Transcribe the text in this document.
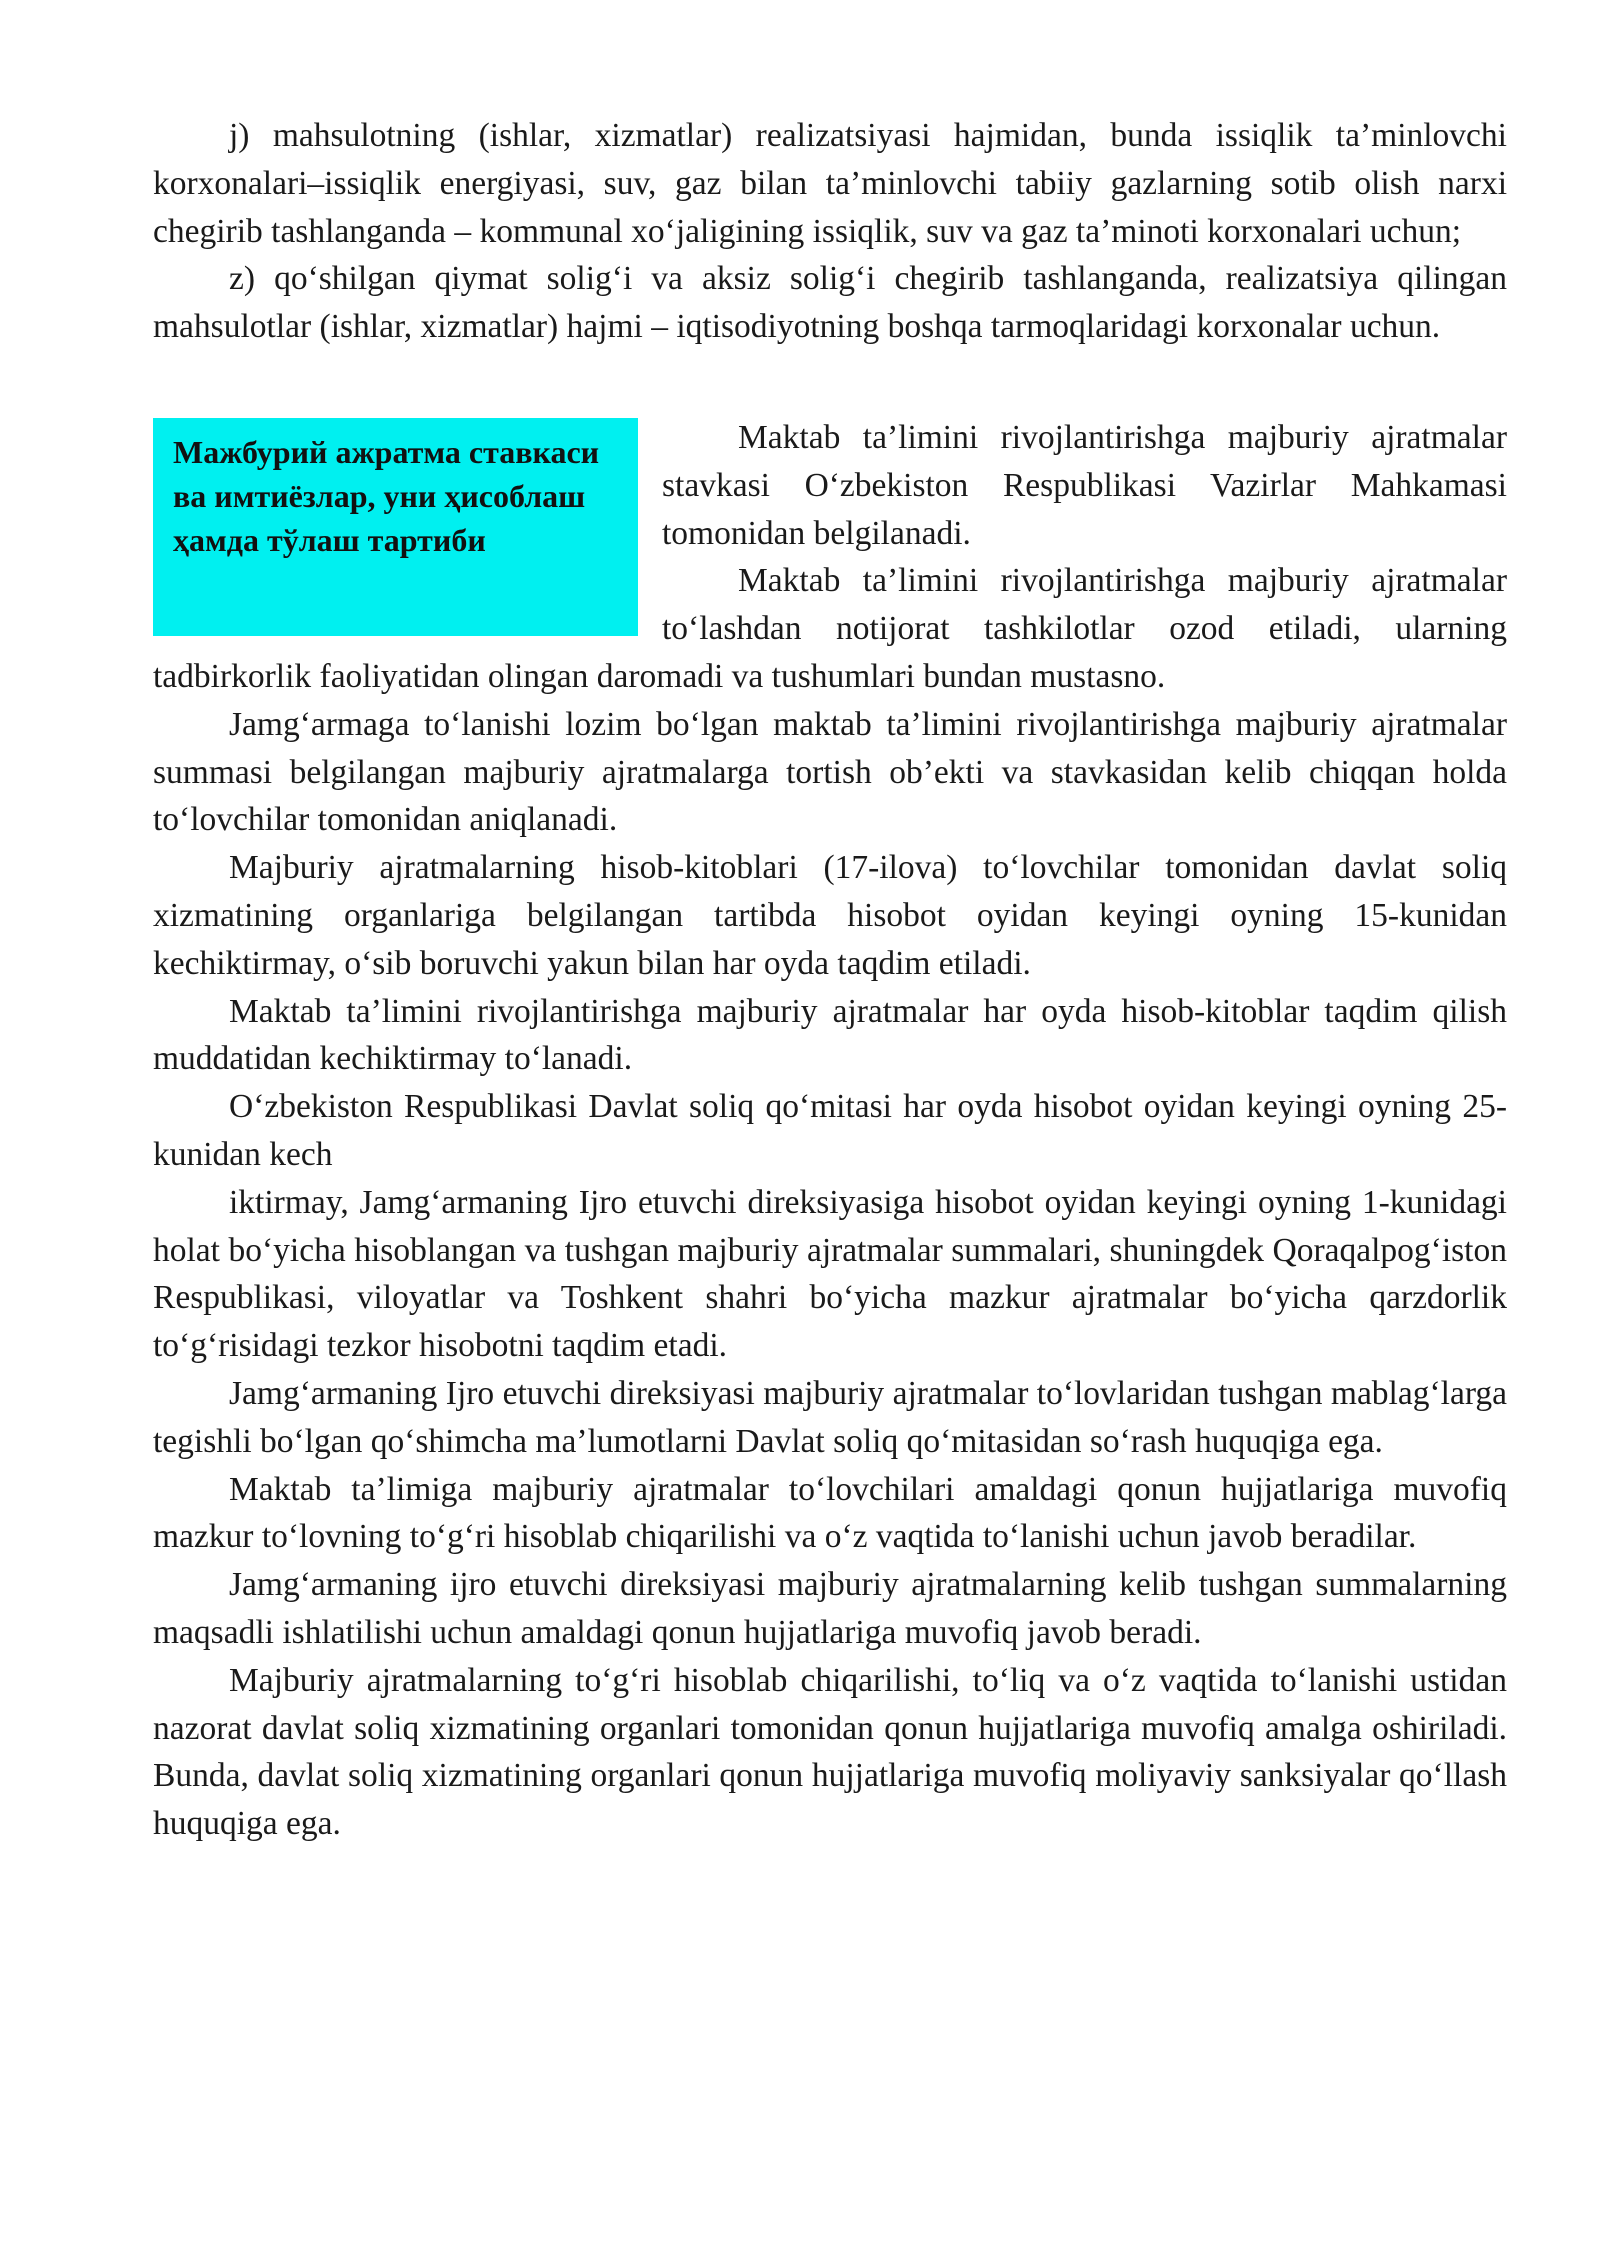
j) mahsulotning (ishlar, xizmatlar) realizatsiyasi hajmidan, bunda issiqlik ta’minlovchi korxonalari–issiqlik energiyasi, suv, gaz bilan ta’minlovchi tabiiy gazlarning sotib olish narxi chegirib tashlanganda – kommunal xo‘jaligining issiqlik, suv va gaz ta’minoti korxonalari uchun;

z) qo‘shilgan qiymat solig‘i va aksiz solig‘i chegirib tashlanganda, realizatsiya qilingan mahsulotlar (ishlar, xizmatlar) hajmi – iqtisodiyotning boshqa tarmoqlaridagi korxonalar uchun.

Мажбурий ажратма ставкаси ва имтиёзлар, уни ҳисоблаш ҳамда тўлаш тартиби

Maktab ta’limini rivojlantirishga majburiy ajratmalar stavkasi O‘zbekiston Respublikasi Vazirlar Mahkamasi tomonidan belgilanadi.

Maktab ta’limini rivojlantirishga majburiy ajratmalar to‘lashdan notijorat tashkilotlar ozod etiladi, ularning tadbirkorlik faoliyatidan olingan daromadi va tushumlari bundan mustasno.

Jamg‘armaga to‘lanishi lozim bo‘lgan maktab ta’limini rivojlantirishga majburiy ajratmalar summasi belgilangan majburiy ajratmalarga tortish ob’ekti va stavkasidan kelib chiqqan holda to‘lovchilar tomonidan aniqlanadi.

Majburiy ajratmalarning hisob-kitoblari (17-ilova) to‘lovchilar tomonidan davlat soliq xizmatining organlariga belgilangan tartibda hisobot oyidan keyingi oyning 15-kunidan kechiktirmay, o‘sib boruvchi yakun bilan har oyda taqdim etiladi.

Maktab ta’limini rivojlantirishga majburiy ajratmalar har oyda hisob-kitoblar taqdim qilish muddatidan kechiktirmay to‘lanadi.

O‘zbekiston Respublikasi Davlat soliq qo‘mitasi har oyda hisobot oyidan keyingi oyning 25-kunidan kech

iktirmay, Jamg‘armaning Ijro etuvchi direksiyasiga hisobot oyidan keyingi oyning 1-kunidagi holat bo‘yicha hisoblangan va tushgan majburiy ajratmalar summalari, shuningdek Qoraqalpog‘iston Respublikasi, viloyatlar va Toshkent shahri bo‘yicha mazkur ajratmalar bo‘yicha qarzdorlik to‘g‘risidagi tezkor hisobotni taqdim etadi.

Jamg‘armaning Ijro etuvchi direksiyasi majburiy ajratmalar to‘lovlaridan tushgan mablag‘larga tegishli bo‘lgan qo‘shimcha ma’lumotlarni Davlat soliq qo‘mitasidan so‘rash huquqiga ega.

Maktab ta’limiga majburiy ajratmalar to‘lovchilari amaldagi qonun hujjatlariga muvofiq mazkur to‘lovning to‘g‘ri hisoblab chiqarilishi va o‘z vaqtida to‘lanishi uchun javob beradilar.

Jamg‘armaning ijro etuvchi direksiyasi majburiy ajratmalarning kelib tushgan summalarning maqsadli ishlatilishi uchun amaldagi qonun hujjatlariga muvofiq javob beradi.

Majburiy ajratmalarning to‘g‘ri hisoblab chiqarilishi, to‘liq va o‘z vaqtida to‘lanishi ustidan nazorat davlat soliq xizmatining organlari tomonidan qonun hujjatlariga muvofiq amalga oshiriladi. Bunda, davlat soliq xizmatining organlari qonun hujjatlariga muvofiq moliyaviy sanksiyalar qo‘llash huquqiga ega.
